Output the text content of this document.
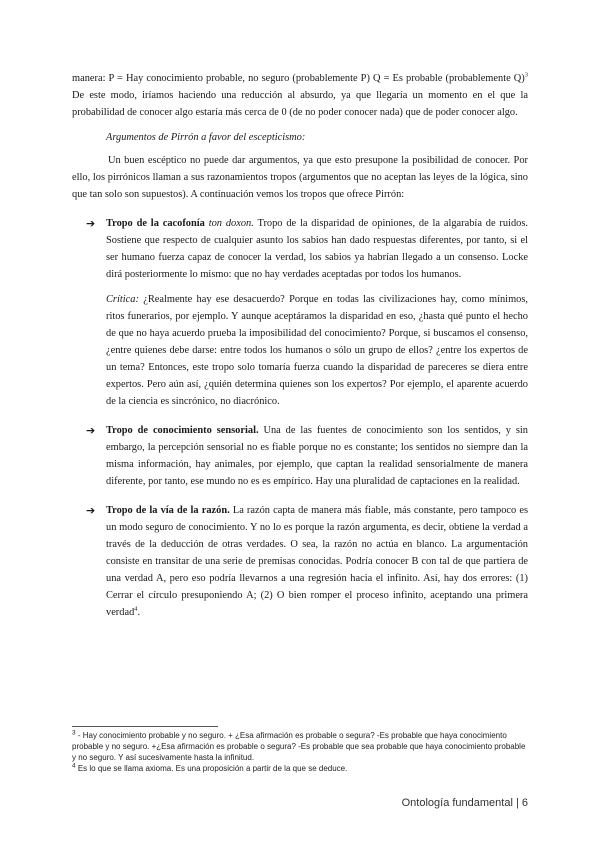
manera: P = Hay conocimiento probable, no seguro (probablemente P) Q = Es probable (probablemente Q)$^3$ De este modo, iríamos haciendo una reducción al absurdo, ya que llegaría un momento en el que la probabilidad de conocer algo estaría más cerca de 0 (de no poder conocer nada) que de poder conocer algo.

Argumentos de Pirrón a favor del escepticismo:

Un buen escéptico no puede dar argumentos, ya que esto presupone la posibilidad de conocer. Por ello, los pirrónicos llaman a sus razonamientos tropos (argumentos que no aceptan las leyes de la lógica, sino que tan solo son supuestos). A continuación vemos los tropos que ofrece Pirrón:

➔ Tropo de la cacofonía ton doxon. Tropo de la disparidad de opiniones, de la algarabía de ruidos. Sostiene que respecto de cualquier asunto los sabios han dado respuestas diferentes, por tanto, si el ser humano fuerza capaz de conocer la verdad, los sabios ya habrían llegado a un consenso. Locke dirá posteriormente lo mismo: que no hay verdades aceptadas por todos los humanos.

Crítica: ¿Realmente hay ese desacuerdo? Porque en todas las civilizaciones hay, como mínimos, ritos funerarios, por ejemplo. Y aunque aceptáramos la disparidad en eso, ¿hasta qué punto el hecho de que no haya acuerdo prueba la imposibilidad del conocimiento? Porque, si buscamos el consenso, ¿entre quienes debe darse: entre todos los humanos o sólo un grupo de ellos? ¿entre los expertos de un tema? Entonces, este tropo solo tomaría fuerza cuando la disparidad de pareceres se diera entre expertos. Pero aún así, ¿quién determina quienes son los expertos? Por ejemplo, el aparente acuerdo de la ciencia es sincrónico, no diacrónico.

➔ Tropo de conocimiento sensorial. Una de las fuentes de conocimiento son los sentidos, y sin embargo, la percepción sensorial no es fiable porque no es constante; los sentidos no siempre dan la misma información, hay animales, por ejemplo, que captan la realidad sensorialmente de manera diferente, por tanto, ese mundo no es es empírico. Hay una pluralidad de captaciones en la realidad.

➔ Tropo de la vía de la razón. La razón capta de manera más fiable, más constante, pero tampoco es un modo seguro de conocimiento. Y no lo es porque la razón argumenta, es decir, obtiene la verdad a través de la deducción de otras verdades. O sea, la razón no actúa en blanco. La argumentación consiste en transitar de una serie de premisas conocidas. Podría conocer B con tal de que partiera de una verdad A, pero eso podría llevarnos a una regresión hacia el infinito. Así, hay dos errores: (1) Cerrar el círculo presuponiendo A; (2) O bien romper el proceso infinito, aceptando una primera verdad$^4$.

$^3$ - Hay conocimiento probable y no seguro. + ¿Esa afirmación es probable o segura? -Es probable que haya conocimiento probable y no seguro. +¿Esa afirmación es probable o segura? -Es probable que sea probable que haya conocimiento probable y no seguro. Y así sucesivamente hasta la infinitud.
$^4$ Es lo que se llama axioma. Es una proposición a partir de la que se deduce.
Ontología fundamental | 6
